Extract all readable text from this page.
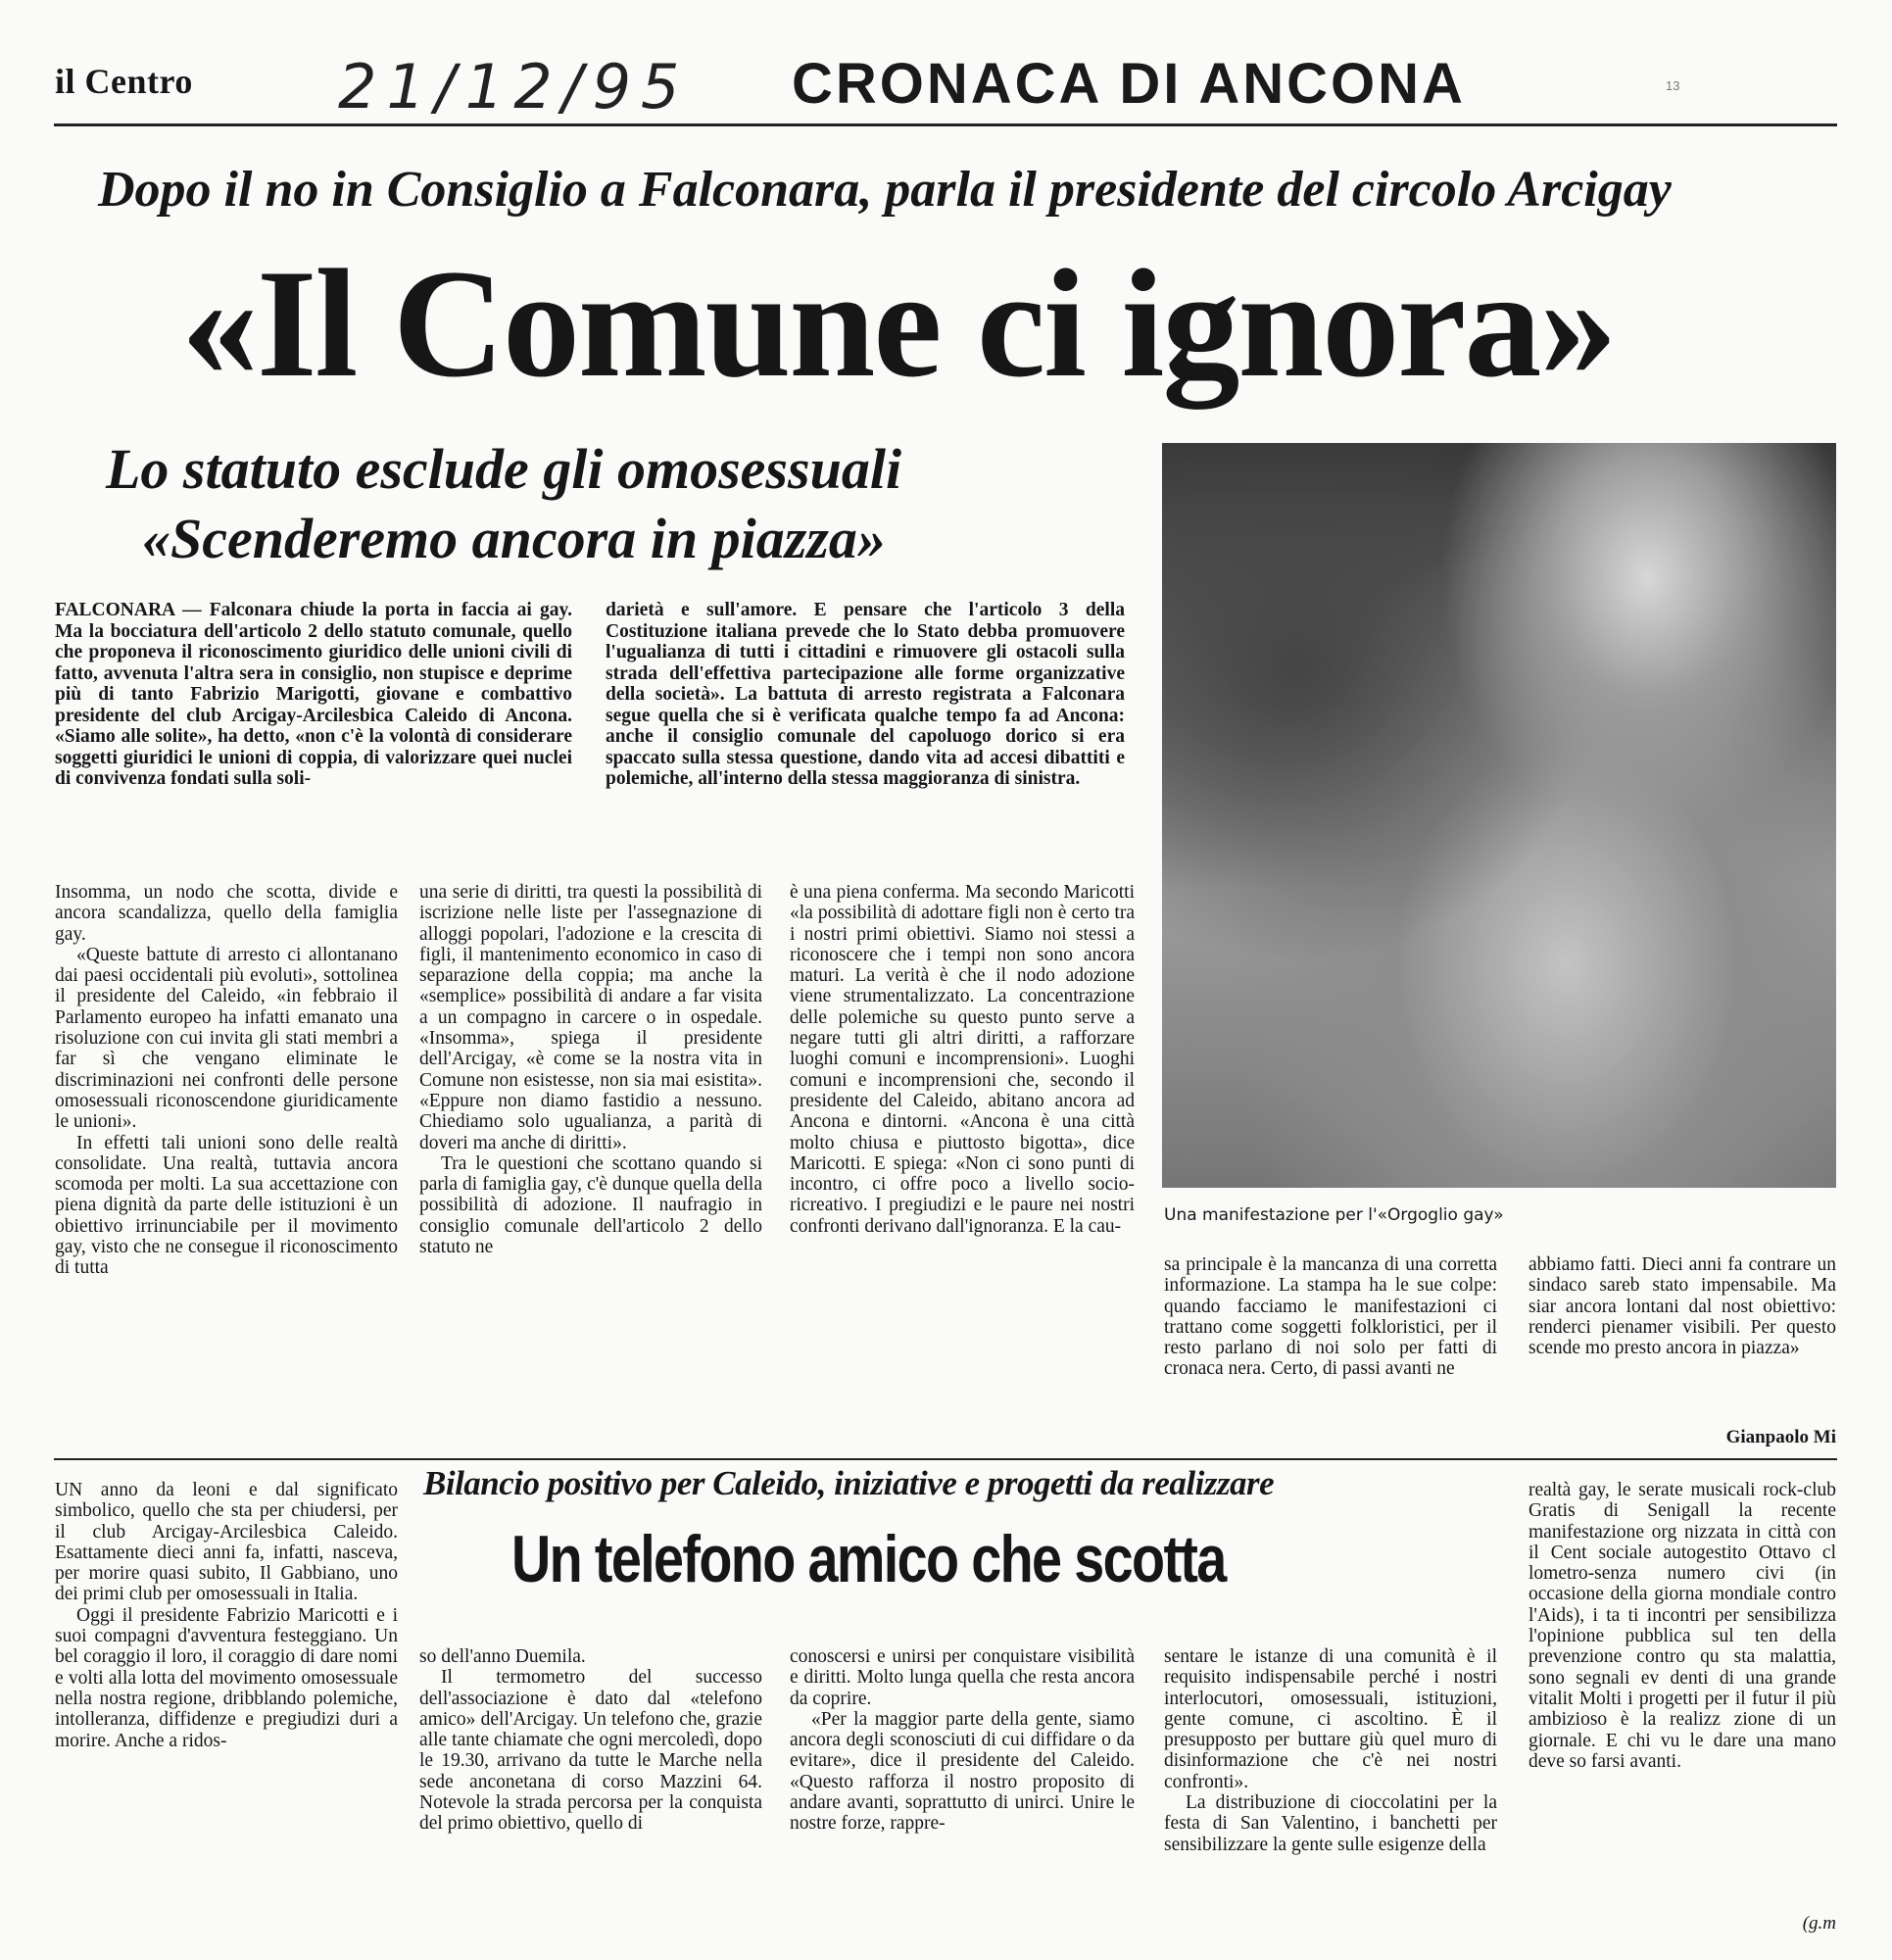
il Centro 21/12/95 CRONACA DI ANCONA	13
Dopo il no in Consiglio a Falconara, parla il presidente del circolo Arcigay
«Il Comune ci ignora»
Lo statuto esclude gli omosessuali
«Scenderemo ancora in piazza»
FALCONARA — Falconara chiude la porta in faccia ai gay. Ma la bocciatura dell'articolo 2 dello statuto comunale, quello che proponeva il riconoscimento giuridico delle unioni civili di fatto, avvenuta l'altra sera in consiglio, non stupisce e deprime più di tanto Fabrizio Marigotti, giovane e combattivo presidente del club Arcigay-Arcilesbica Caleido di Ancona. «Siamo alle solite», ha detto, «non c'è la volontà di considerare soggetti giuridici le unioni di coppia, di valorizzare quei nuclei di convivenza fondati sulla soli-
darietà e sull'amore. E pensare che l'articolo 3 della Costituzione italiana prevede che lo Stato debba promuovere l'ugualianza di tutti i cittadini e rimuovere gli ostacoli sulla strada dell'effettiva partecipazione alle forme organizzative della società». La battuta di arresto registrata a Falconara segue quella che si è verificata qualche tempo fa ad Ancona: anche il consiglio comunale del capoluogo dorico si era spaccato sulla stessa questione, dando vita ad accesi dibattiti e polemiche, all'interno della stessa maggioranza di sinistra.
Una manifestazione per l'«Orgoglio gay»

Insomma, un nodo che scotta, divide e ancora scandalizza, quello della famiglia gay.

«Queste battute di arresto ci allontanano dai paesi occidentali più evoluti», sottolinea il presidente del Caleido, «in febbraio il Parlamento europeo ha infatti emanato una risoluzione con cui invita gli stati membri a far sì che vengano eliminate le discriminazioni nei confronti delle persone omosessuali riconoscendone giuridicamente le unioni».

In effetti tali unioni sono delle realtà consolidate. Una realtà, tuttavia ancora scomoda per molti. La sua accettazione con piena dignità da parte delle istituzioni è un obiettivo irrinunciabile per il movimento gay, visto che ne consegue il riconoscimento di tutta

una serie di diritti, tra questi la possibilità di iscrizione nelle liste per l'assegnazione di alloggi popolari, l'adozione e la crescita di figli, il mantenimento economico in caso di separazione della coppia; ma anche la «semplice» possibilità di andare a far visita a un compagno in carcere o in ospedale. «Insomma», spiega il presidente dell'Arcigay, «è come se la nostra vita in Comune non esistesse, non sia mai esistita». «Eppure non diamo fastidio a nessuno. Chiediamo solo ugualianza, a parità di doveri ma anche di diritti».

Tra le questioni che scottano quando si parla di famiglia gay, c'è dunque quella della possibilità di adozione. Il naufragio in consiglio comunale dell'articolo 2 dello statuto ne

è una piena conferma. Ma secondo Maricotti «la possibilità di adottare figli non è certo tra i nostri primi obiettivi. Siamo noi stessi a riconoscere che i tempi non sono ancora maturi. La verità è che il nodo adozione viene strumentalizzato. La concentrazione delle polemiche su questo punto serve a negare tutti gli altri diritti, a rafforzare luoghi comuni e incomprensioni». Luoghi comuni e incomprensioni che, secondo il presidente del Caleido, abitano ancora ad Ancona e dintorni. «Ancona è una città molto chiusa e piuttosto bigotta», dice Maricotti. E spiega: «Non ci sono punti di incontro, ci offre poco a livello socio-ricreativo. I pregiudizi e le paure nei nostri confronti derivano dall'ignoranza. E la cau-

sa principale è la mancanza di una corretta informazione. La stampa ha le sue colpe: quando facciamo le manifestazioni ci trattano come soggetti folkloristici, per il resto parlano di noi solo per fatti di cronaca nera. Certo, di passi avanti ne

abbiamo fatti. Dieci anni fa contrare un sindaco sareb stato impensabile. Ma siar ancora lontani dal nost obiettivo: renderci pienamer visibili. Per questo scende mo presto ancora in piazza»

Gianpaolo Mi
Bilancio positivo per Caleido, iniziative e progetti da realizzare
Un telefono amico che scotta

UN anno da leoni e dal significato simbolico, quello che sta per chiudersi, per il club Arcigay-Arcilesbica Caleido. Esattamente dieci anni fa, infatti, nasceva, per morire quasi subito, Il Gabbiano, uno dei primi club per omosessuali in Italia.

Oggi il presidente Fabrizio Maricotti e i suoi compagni d'avventura festeggiano. Un bel coraggio il loro, il coraggio di dare nomi e volti alla lotta del movimento omosessuale nella nostra regione, dribblando polemiche, intolleranza, diffidenze e pregiudizi duri a morire. Anche a ridos-

so dell'anno Duemila.

Il termometro del successo dell'associazione è dato dal «telefono amico» dell'Arcigay. Un telefono che, grazie alle tante chiamate che ogni mercoledì, dopo le 19.30, arrivano da tutte le Marche nella sede anconetana di corso Mazzini 64. Notevole la strada percorsa per la conquista del primo obiettivo, quello di

conoscersi e unirsi per conquistare visibilità e diritti. Molto lunga quella che resta ancora da coprire.

«Per la maggior parte della gente, siamo ancora degli sconosciuti di cui diffidare o da evitare», dice il presidente del Caleido. «Questo rafforza il nostro proposito di andare avanti, soprattutto di unirci. Unire le nostre forze, rappre-

sentare le istanze di una comunità è il requisito indispensabile perché i nostri interlocutori, omosessuali, istituzioni, gente comune, ci ascoltino. È il presupposto per buttare giù quel muro di disinformazione che c'è nei nostri confronti».

La distribuzione di cioccolatini per la festa di San Valentino, i banchetti per sensibilizzare la gente sulle esigenze della

realtà gay, le serate musicali rock-club Gratis di Senigall la recente manifestazione org nizzata in città con il Cent sociale autogestito Ottavo cl lometro-senza numero civi (in occasione della giorna mondiale contro l'Aids), i ta ti incontri per sensibilizza l'opinione pubblica sul ten della prevenzione contro qu sta malattia, sono segnali ev denti di una grande vitalit Molti i progetti per il futur il più ambizioso è la realizz zione di un giornale. E chi vu le dare una mano deve so farsi avanti.

(g.m
